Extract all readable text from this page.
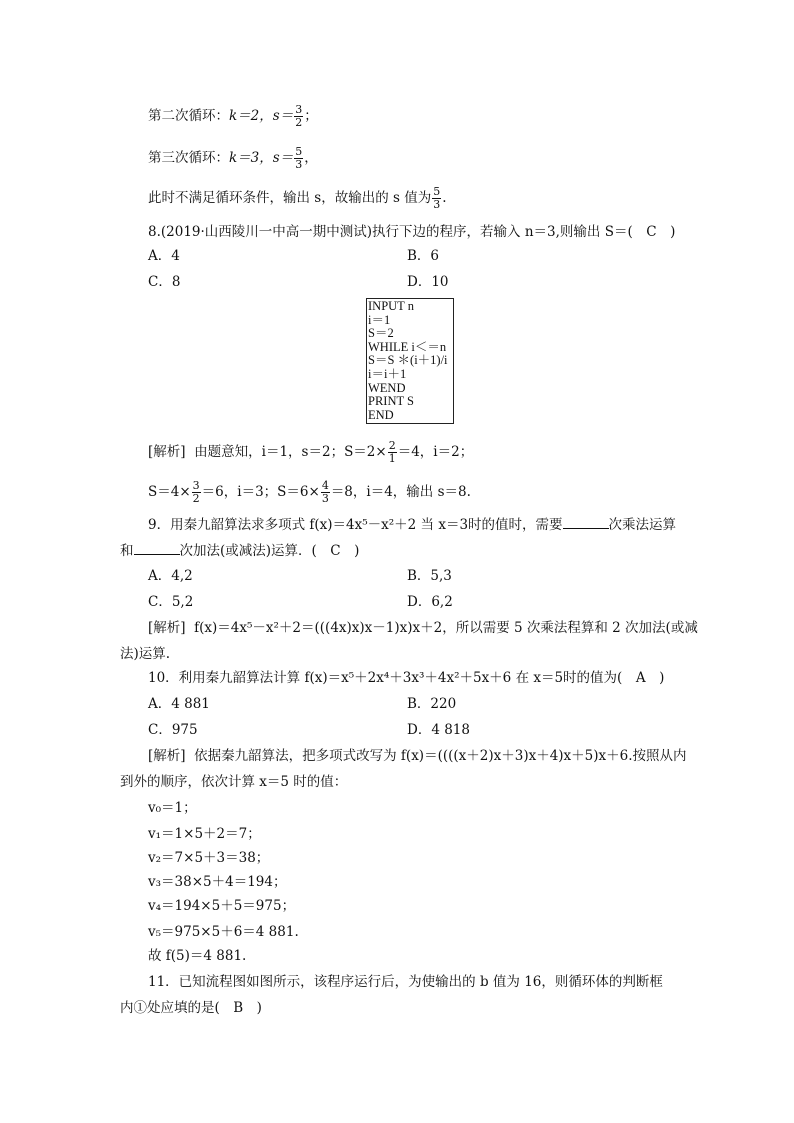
第二次循环：k＝2，$s= \frac{3}{2}$ ；
第三次循环：k＝3，$s= \frac{5}{3}$ ，
此时不满足循环条件，输出 s，故输出的 s 值为 $\frac{5}{3}$ .
8.(2019·山西陵川一中高一期中测试)执行下边的程序，若输入 n＝3,则输出 S＝(　C　)
A．4	B．6
C．8	D．10
INPUT n
i＝1
S＝2
WHILE i＜＝n
S＝S ＊(i＋1)/i
i＝i＋1
WEND
PRINT S
END
[解析] 由题意知，i＝1，s＝2；$S=2\times \frac{2}{1} =4$，i＝2；
$S=4\times \frac{3}{2} =6$，i＝3；$S=6\times \frac{4}{3} =8$，i＝4，输出 s＝8.
9．用秦九韶算法求多项式 f(x)＝4x⁵－x²＋2 当 x＝3时的值时，需要	次乘法运算
和	次加法(或减法)运算．(　C　)
A．4,2	B．5,3
C．5,2	D．6,2
[解析] f(x)＝4x⁵－x²＋2＝(((4x)x)x－1)x)x＋2，所以需要 5 次乘法程算和 2 次加法(或减
法)运算.
10．利用秦九韶算法计算 f(x)＝x⁵＋2x⁴＋3x³＋4x²＋5x＋6 在 x＝5时的值为(　A　)
A．4 881	B．220
C．975	D．4 818
[解析] 依据秦九韶算法，把多项式改写为 f(x)＝((((x＋2)x＋3)x＋4)x＋5)x＋6.按照从内
到外的顺序，依次计算 x＝5 时的值：
v₀＝1；
v₁＝1×5＋2＝7；
v₂＝7×5＋3＝38；
v₃＝38×5＋4＝194；
v₄＝194×5＋5＝975；
v₅＝975×5＋6＝4 881.
故 f(5)＝4 881.
11．已知流程图如图所示，该程序运行后，为使输出的 b 值为 16，则循环体的判断框
内①处应填的是(　B　)
